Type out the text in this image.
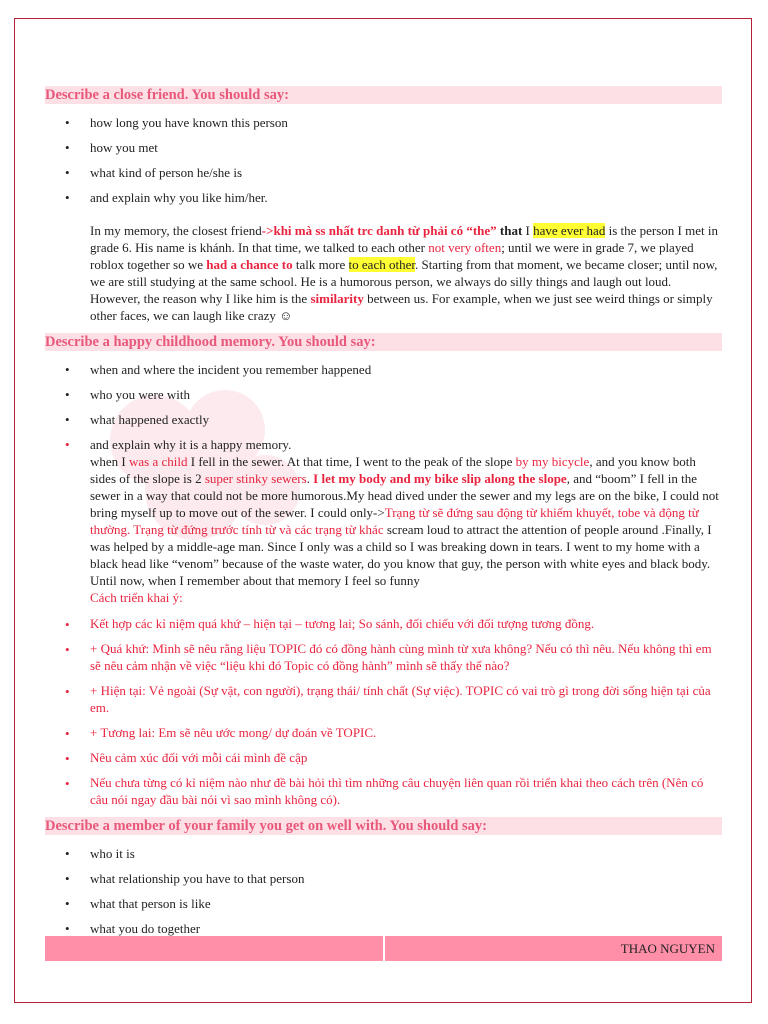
Describe a close friend. You should say:
how long you have known this person
how you met
what kind of person he/she is
and explain why you like him/her.
In my memory, the closest friend->khi mà ss nhất trc danh từ phải có “the” that I have ever had is the person I met in grade 6. His name is khánh. In that time, we talked to each other not very often; until we were in grade 7, we played roblox together so we had a chance to talk more to each other. Starting from that moment, we became closer; until now, we are still studying at the same school. He is a humorous person, we always do silly things and laugh out loud. However, the reason why I like him is the similarity between us. For example, when we just see weird things or simply other faces, we can laugh like crazy ☺
Describe a happy childhood memory. You should say:
when and where the incident you remember happened
who you were with
what happened exactly
and explain why it is a happy memory.
when I was a child I fell in the sewer. At that time, I went to the peak of the slope by my bicycle, and you know both sides of the slope is 2 super stinky sewers. I let my body and my bike slip along the slope, and “boom” I fell in the sewer in a way that could not be more humorous.My head dived under the sewer and my legs are on the bike, I could not bring myself up to move out of the sewer. I could only->Trạng từ sẽ đứng sau động từ khiếm khuyết, tobe và động từ thường. Trạng từ đứng trước tính từ và các trạng từ khác scream loud to attract the attention of people around .Finally, I was helped by a middle-age man. Since I only was a child so I was breaking down in tears. I went to my home with a black head like “venom” because of the waste water, do you know that guy, the person with white eyes and black body. Until now, when I remember about that memory I feel so funny
Cách triển khai ý:
Kết hợp các kỉ niệm quá khứ – hiện tại – tương lai; So sánh, đối chiếu với đối tượng tương đồng.
+ Quá khứ: Mình sẽ nêu rằng liệu TOPIC đó có đồng hành cùng mình từ xưa không? Nếu có thì nêu. Nếu không thì em sẽ nêu cảm nhận về việc “liệu khi đó Topic có đồng hành” mình sẽ thấy thế nào?
+ Hiện tại: Vẻ ngoài (Sự vật, con người), trạng thái/ tính chất (Sự việc). TOPIC có vai trò gì trong đời sống hiện tại của em.
+ Tương lai: Em sẽ nêu ước mong/ dự đoán về TOPIC.
Nêu cảm xúc đối với mỗi cái mình đề cập
Nếu chưa từng có kỉ niệm nào như đề bài hỏi thì tìm những câu chuyện liên quan rồi triển khai theo cách trên (Nên có câu nói ngay đầu bài nói vì sao mình không có).
Describe a member of your family you get on well with. You should say:
who it is
what relationship you have to that person
what that person is like
what you do together
THAO NGUYEN
